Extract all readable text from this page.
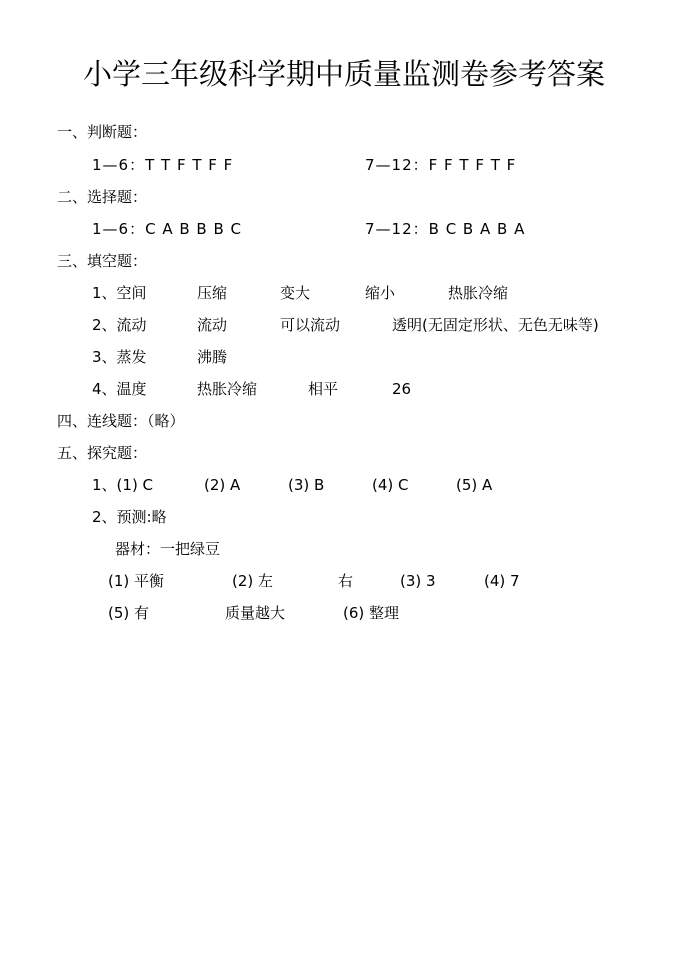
小学三年级科学期中质量监测卷参考答案
一、判断题：
1—6：T T F T F F	7—12：F F T F T F
二、选择题：
1—6：C A B B B C	7—12：B C B A B A
三、填空题：
1、空间	压缩	变大	缩小	热胀冷缩
2、流动	流动	可以流动	透明(无固定形状、无色无味等)
3、蒸发	沸腾
4、温度	热胀冷缩	相平	26
四、连线题：（略）
五、探究题：
1、(1) C	(2) A	(3) B	(4) C	(5) A
2、预测:略
器材：一把绿豆
(1) 平衡	(2) 左	右	(3) 3	(4) 7
(5) 有	质量越大	(6) 整理
